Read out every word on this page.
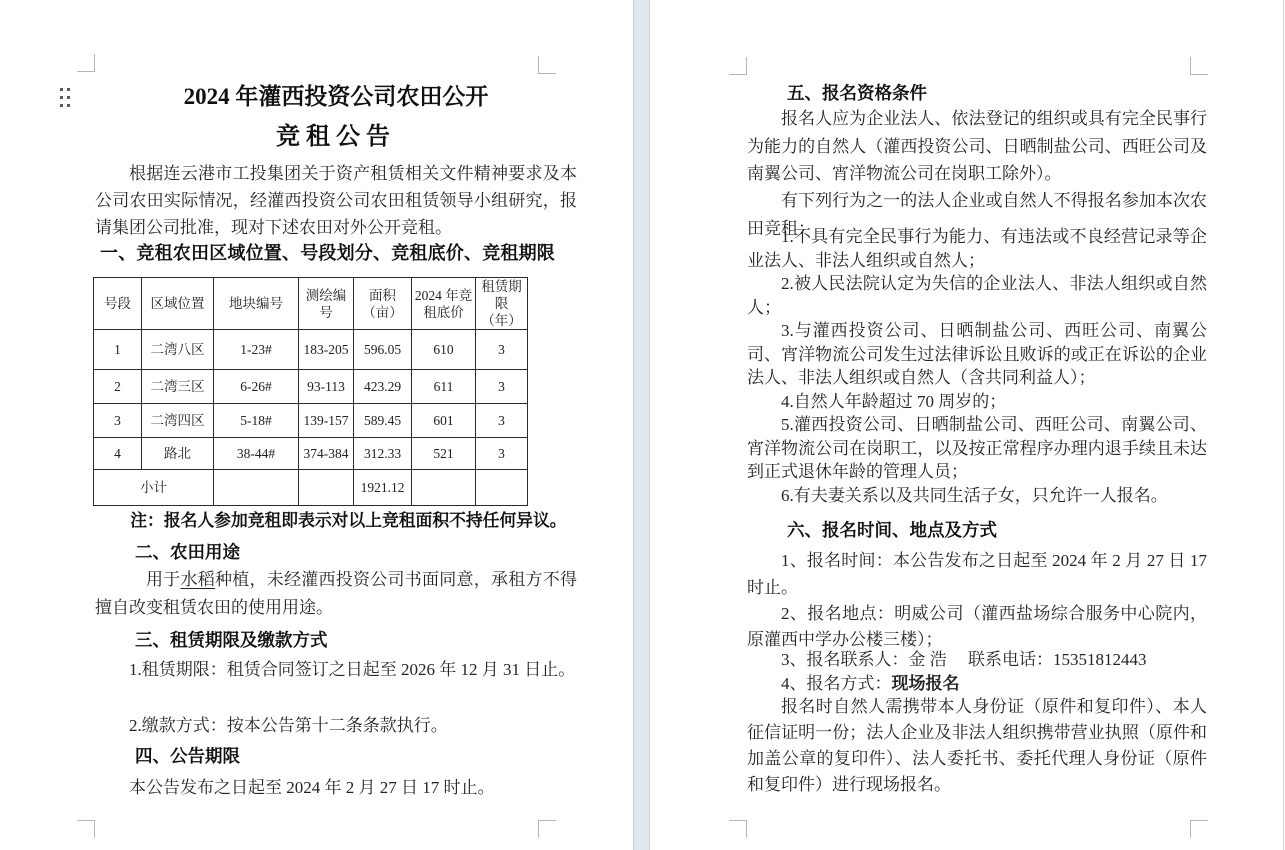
2024 年灌西投资公司农田公开
竞租公告

根据连云港市工投集团关于资产租赁相关文件精神要求及本公司农田实际情况，经灌西投资公司农田租赁领导小组研究，报请集团公司批准，现对下述农田对外公开竞租。

一、竞租农田区域位置、号段划分、竞租底价、竞租期限
号段	区域位置	地块编号	测绘编号	面积（亩）	2024 年竞租底价	租赁期限（年）
1	二湾八区	1-23#	183-205	596.05	610	3
2	二湾三区	6-26#	93-113	423.29	611	3
3	二湾四区	5-18#	139-157	589.45	601	3
4	路北	38-44#	374-384	312.33	521	3
小计				1921.12		

注：报名人参加竞租即表示对以上竞租面积不持任何异议。

二、农田用途

用于水稻种植，未经灌西投资公司书面同意，承租方不得擅自改变租赁农田的使用用途。

三、租赁期限及缴款方式

1.租赁期限：租赁合同签订之日起至 2026 年 12 月 31 日止。

2.缴款方式：按本公告第十二条条款执行。

四、公告期限

本公告发布之日起至 2024 年 2 月 27 日 17 时止。

五、报名资格条件

报名人应为企业法人、依法登记的组织或具有完全民事行为能力的自然人（灌西投资公司、日晒制盐公司、西旺公司及南翼公司、宵洋物流公司在岗职工除外）。

有下列行为之一的法人企业或自然人不得报名参加本次农田竞租：

1.不具有完全民事行为能力、有违法或不良经营记录等企业法人、非法人组织或自然人；

2.被人民法院认定为失信的企业法人、非法人组织或自然人；

3.与灌西投资公司、日晒制盐公司、西旺公司、南翼公司、宵洋物流公司发生过法律诉讼且败诉的或正在诉讼的企业法人、非法人组织或自然人（含共同利益人）；

4.自然人年龄超过 70 周岁的；

5.灌西投资公司、日晒制盐公司、西旺公司、南翼公司、宵洋物流公司在岗职工，以及按正常程序办理内退手续且未达到正式退休年龄的管理人员；

6.有夫妻关系以及共同生活子女，只允许一人报名。

六、报名时间、地点及方式

1、报名时间：本公告发布之日起至 2024 年 2 月 27 日 17 时止。

2、报名地点：明威公司（灌西盐场综合服务中心院内，原灌西中学办公楼三楼）；

3、报名联系人：金 浩　 联系电话：15351812443

4、报名方式：现场报名

报名时自然人需携带本人身份证（原件和复印件）、本人征信证明一份；法人企业及非法人组织携带营业执照（原件和加盖公章的复印件）、法人委托书、委托代理人身份证（原件和复印件）进行现场报名。
